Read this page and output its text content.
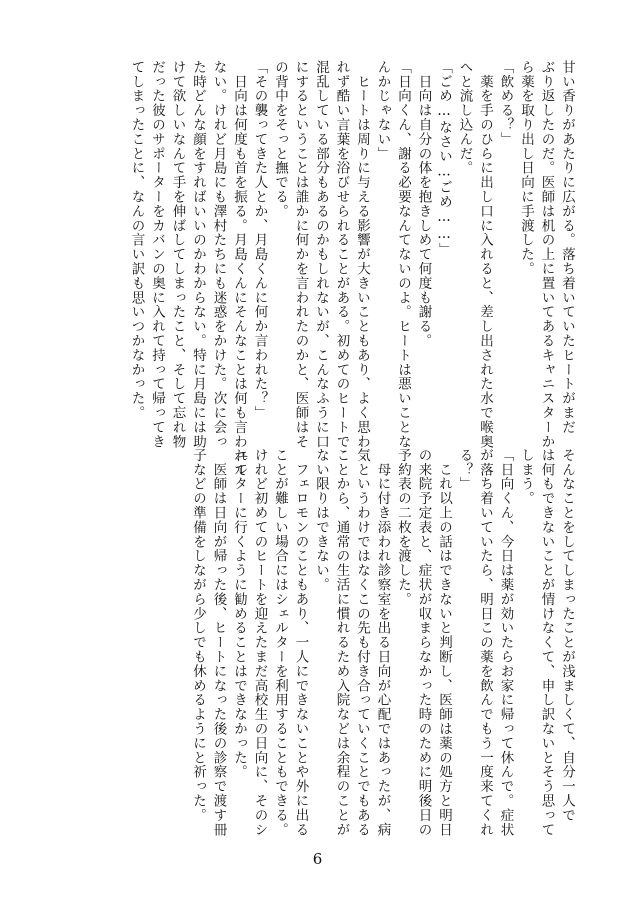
甘い香りがあたりに広がる。落ち着いていたヒートがまだ

ぶり返したのだ。医師は机の上に置いてあるキャニスターか

ら薬を取り出し日向に手渡した。

「飲める？」

　薬を手のひらに出し口に入れると、差し出された水で喉奥

へと流し込んだ。

「ごめ…なさい…ごめ……」

　日向は自分の体を抱きしめて何度も謝る。

「日向くん、謝る必要なんてないのよ。ヒートは悪いことな

んかじゃない」

　ヒートは周りに与える影響が大きいこともあり、よく思わ

れず酷い言葉を浴びせられることがある。初めてのヒートで

混乱している部分もあるのかもしれないが、こんなふうに口

にするということは誰かに何かを言われたのかと、医師はそ

の背中をそっと撫でる。

「その襲ってきた人とか、月島くんに何か言われた？」

　日向は何度も首を振る。月島くんにそんなことは何も言われて

ない。けれど月島にも澤村たちにも迷惑をかけた。次に会っ

た時どんな顔をすればいいのかわからない。特に月島には助

けて欲しいなんて手を伸ばしてしまったこと、そして忘れ物

だった彼のサポーターをカバンの奥に入れて持って帰ってき

てしまったことに、なんの言い訳も思いつかなかった。

そんなことをしてしまったことが浅ましくて、自分一人で

は何もできないことが情けなくて、申し訳ないとそう思って

しまう。

「日向くん、今日は薬が効いたらお家に帰って休んで。症状

が落ち着いていたら、明日この薬を飲んでもう一度来てくれ

る？」

　これ以上の話はできないと判断し、医師は薬の処方と明日

の来院予定表と、症状が収まらなかった時のために明後日の

予約表の二枚を渡した。

　母に付き添われ診察室を出る日向が心配ではあったが、病

気というわけではなくこの先も付き合っていくことでもある

ことから、通常の生活に慣れるため入院などは余程のことが

ない限りはできない。

　フェロモンのこともあり、一人にできないことや外に出る

ことが難しい場合にはシェルターを利用することもできる。

けれど初めてのヒートを迎えたまだ高校生の日向に、そのシ

ェルターに行くように勧めることはできなかった。

　医師は日向が帰った後、ヒートになった後の診察で渡す冊

子などの準備をしながら少しでも休めるようにと祈った。

6
